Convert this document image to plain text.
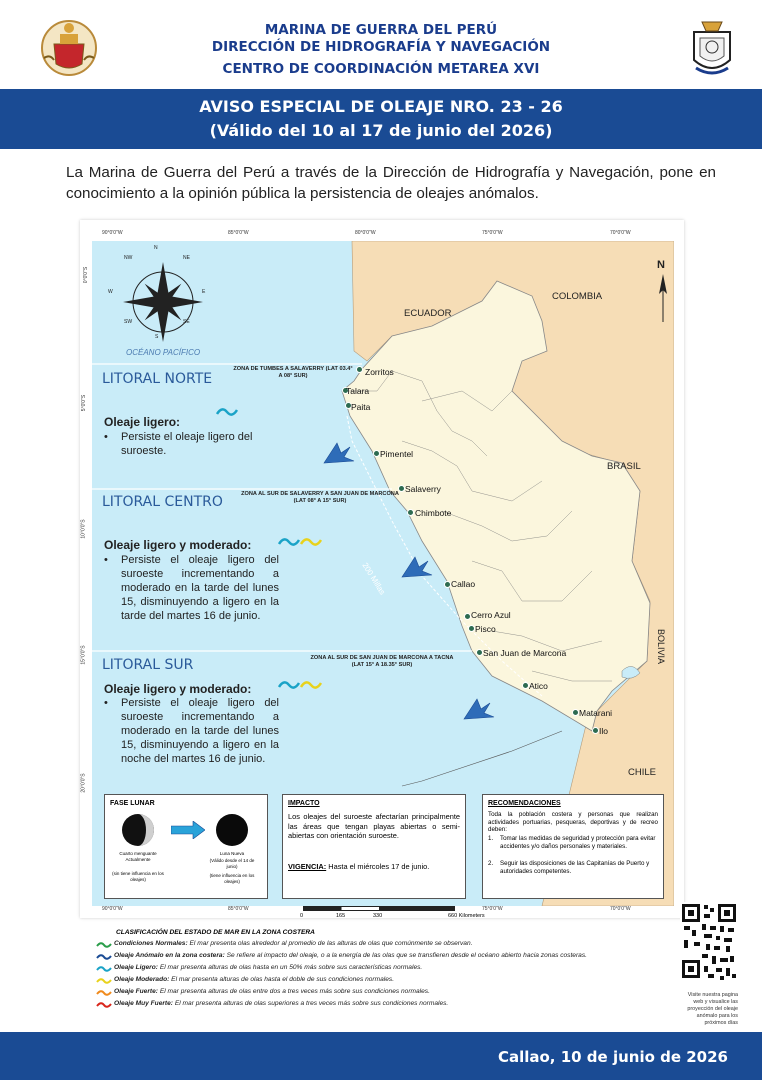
MARINA DE GUERRA DEL PERÚ
DIRECCIÓN DE HIDROGRAFÍA Y NAVEGACIÓN
CENTRO DE COORDINACIÓN METAREA XVI
AVISO ESPECIAL DE OLEAJE NRO. 23 - 26
(Válido del 10 al 17 de junio del 2026)
La Marina de Guerra del Perú a través de la Dirección de Hidrografía y Navegación, pone en conocimiento a la opinión pública la persistencia de oleajes anómalos.
90°0'0"W	85°0'0"W	80°0'0"W	75°0'0"W	70°0'0"W
90°0'0"W	85°0'0"W	75°0'0"W	70°0'0"W
0°0'0"S
5°0'0"S
10°0'0"S
15°0'0"S
20°0'0"S
N
NE
E
SE
S
SW
W
NW
N
OCÉANO PACÍFICO
ECUADOR
COLOMBIA
BRASIL
BOLIVIA
CHILE
200 Millas
Zorritos
Talara
Paita
Pimentel
Salaverry
Chimbote
Callao
Cerro Azul
Pisco
San Juan de Marcona
Atico
Matarani
Ilo
LITORAL NORTE
ZONA DE TUMBES A SALAVERRY (LAT 03.4° A 08° SUR)
Oleaje ligero:
•	Persiste el oleaje ligero del suroeste.
LITORAL CENTRO	ZONA AL SUR DE SALAVERRY A SAN JUAN DE MARCONA (LAT 08° A 15° SUR)
Oleaje ligero y moderado:
•	Persiste el oleaje ligero del suroeste incrementando a moderado en la tarde del lunes 15, disminuyendo a ligero en la tarde del martes 16 de junio.
LITORAL SUR	ZONA AL SUR DE SAN JUAN DE MARCONA A TACNA (LAT 15° A 18.35° SUR)
Oleaje ligero y moderado:
•	Persiste el oleaje ligero del suroeste incrementando a moderado en la tarde del lunes 15, disminuyendo a ligero en la noche del martes 16 de junio.
FASE LUNAR
Cuarto menguante Actualmente
(sin tiene influencia en los oleajes)
Luna Nueva
(Válido desde el 14 de junio)
(tiene influencia en los oleajes)
IMPACTO
Los oleajes del suroeste afectarían principalmente las áreas que tengan playas abiertas o semi-abiertas con orientación suroeste.
VIGENCIA: Hasta el miércoles 17 de junio.
RECOMENDACIONES
Toda la población costera y personas que realizan actividades portuarias, pesqueras, deportivas y de recreo deben:
1.	Tomar las medidas de seguridad y protección para evitar accidentes y/o daños personales y materiales.
2.	Seguir las disposiciones de las Capitanías de Puerto y autoridades competentes.
0	165	330	660 Kilometers
CLASIFICACIÓN DEL ESTADO DE MAR EN LA ZONA COSTERA
Condiciones Normales: El mar presenta olas alrededor al promedio de las alturas de olas que comúnmente se observan.
Oleaje Anómalo en la zona costera: Se refiere al impacto del oleaje, o a la energía de las olas que se transfieren desde el océano abierto hacia zonas costeras.
Oleaje Ligero: El mar presenta alturas de olas hasta en un 50% más sobre sus características normales.
Oleaje Moderado: El mar presenta alturas de olas hasta el doble de sus condiciones normales.
Oleaje Fuerte: El mar presenta alturas de olas entre dos a tres veces más sobre sus condiciones normales.
Oleaje Muy Fuerte: El mar presenta alturas de olas superiores a tres veces más sobre sus condiciones normales.
Visite nuestra pagina web y visualice las proyección del oleaje anómalo para los próximos días
Callao, 10 de junio de 2026
